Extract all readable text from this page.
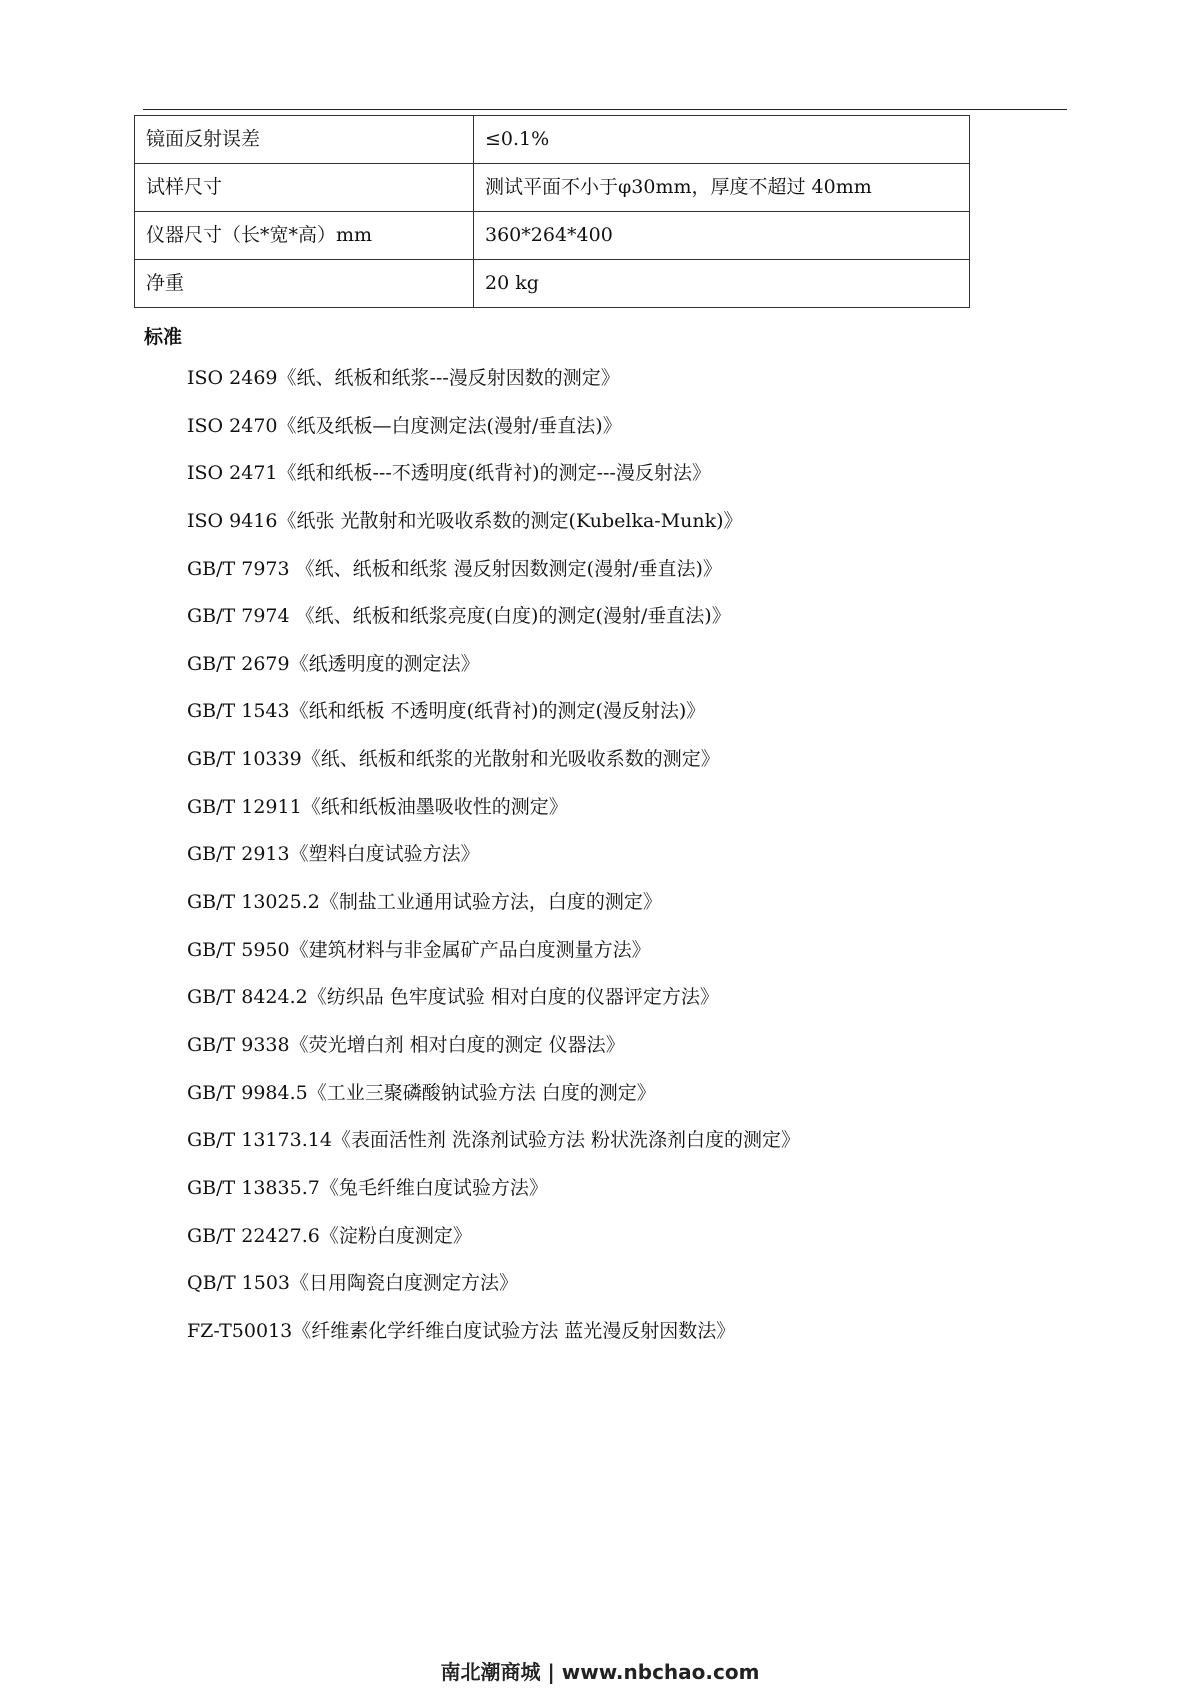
镜面反射误差	≤0.1%
试样尺寸	测试平面不小于φ30mm，厚度不超过 40mm
仪器尺寸（长*宽*高）mm	360*264*400
净重	20 kg
标准
ISO 2469《纸、纸板和纸浆---漫反射因数的测定》
ISO 2470《纸及纸板—白度测定法(漫射/垂直法)》
ISO 2471《纸和纸板---不透明度(纸背衬)的测定---漫反射法》
ISO 9416《纸张 光散射和光吸收系数的测定(Kubelka-Munk)》
GB/T 7973 《纸、纸板和纸浆 漫反射因数测定(漫射/垂直法)》
GB/T 7974 《纸、纸板和纸浆亮度(白度)的测定(漫射/垂直法)》
GB/T 2679《纸透明度的测定法》
GB/T 1543《纸和纸板 不透明度(纸背衬)的测定(漫反射法)》
GB/T 10339《纸、纸板和纸浆的光散射和光吸收系数的测定》
GB/T 12911《纸和纸板油墨吸收性的测定》
GB/T 2913《塑料白度试验方法》
GB/T 13025.2《制盐工业通用试验方法，白度的测定》
GB/T 5950《建筑材料与非金属矿产品白度测量方法》
GB/T 8424.2《纺织品 色牢度试验 相对白度的仪器评定方法》
GB/T 9338《荧光增白剂 相对白度的测定 仪器法》
GB/T 9984.5《工业三聚磷酸钠试验方法 白度的测定》
GB/T 13173.14《表面活性剂 洗涤剂试验方法 粉状洗涤剂白度的测定》
GB/T 13835.7《兔毛纤维白度试验方法》
GB/T 22427.6《淀粉白度测定》
QB/T 1503《日用陶瓷白度测定方法》
FZ-T50013《纤维素化学纤维白度试验方法 蓝光漫反射因数法》
南北潮商城 | www.nbchao.com
